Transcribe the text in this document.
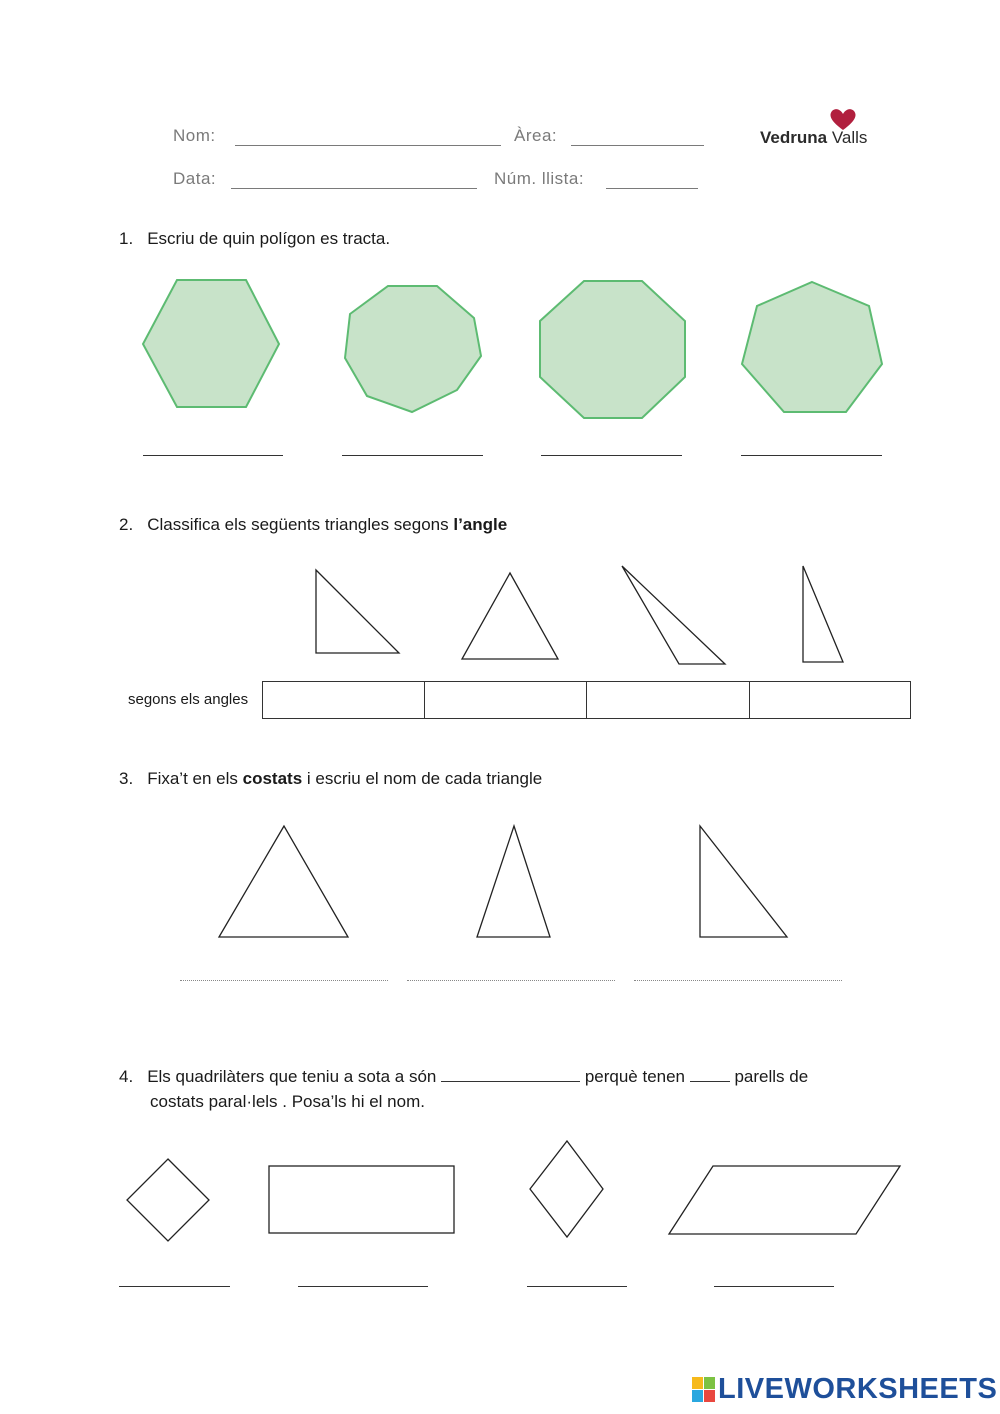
Nom:	Àrea:
Data:	Núm. llista:
Vedruna Valls
1. Escriu de quin polígon es tracta.
2. Classifica els següents triangles segons l’angle
segons els angles
3. Fixa’t en els costats i escriu el nom de cada triangle
4. Els quadrilàters que teniu a sota a són	perquè tenen  parells de
costats paral·lels . Posa’ls hi el nom.
LIVEWORKSHEETS
